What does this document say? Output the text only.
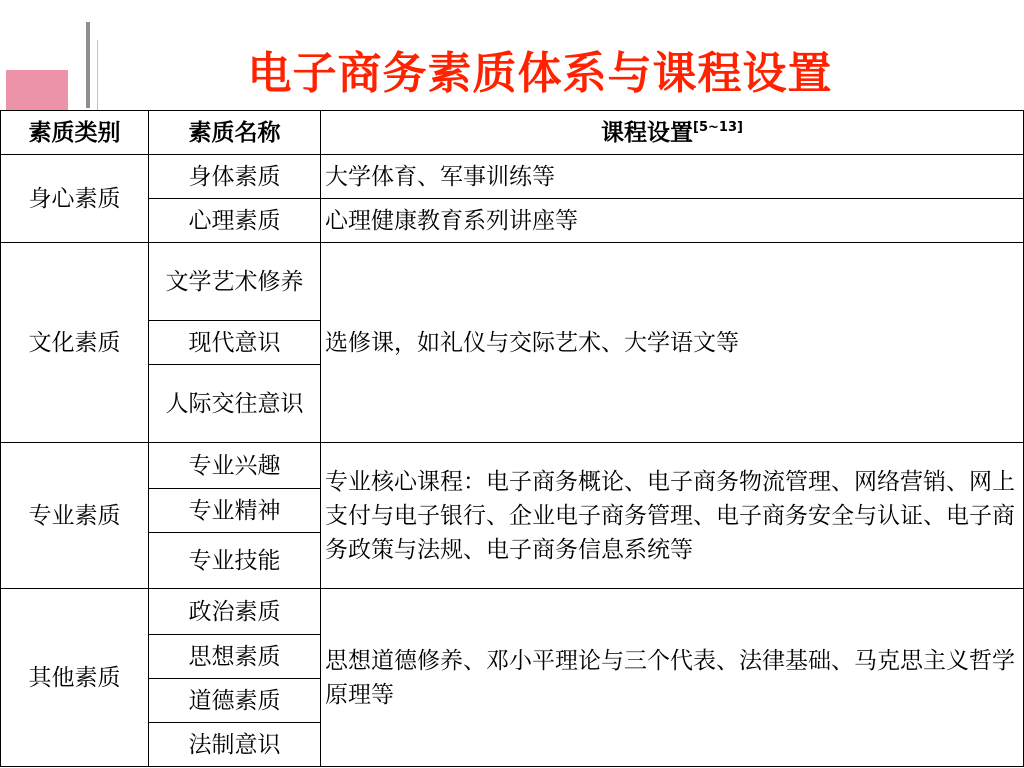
电子商务素质体系与课程设置
素质类别	素质名称	课程设置[5~13]
身心素质	身体素质	大学体育、军事训练等
	心理素质	心理健康教育系列讲座等
文化素质	文学艺术修养	选修课，如礼仪与交际艺术、大学语文等
	现代意识	
	人际交往意识	
专业素质	专业兴趣	专业核心课程：电子商务概论、电子商务物流管理、网络营销、网上支付与电子银行、企业电子商务管理、电子商务安全与认证、电子商务政策与法规、电子商务信息系统等
	专业精神	
	专业技能	
其他素质	政治素质	思想道德修养、邓小平理论与三个代表、法律基础、马克思主义哲学原理等
	思想素质	
	道德素质	
	法制意识	
